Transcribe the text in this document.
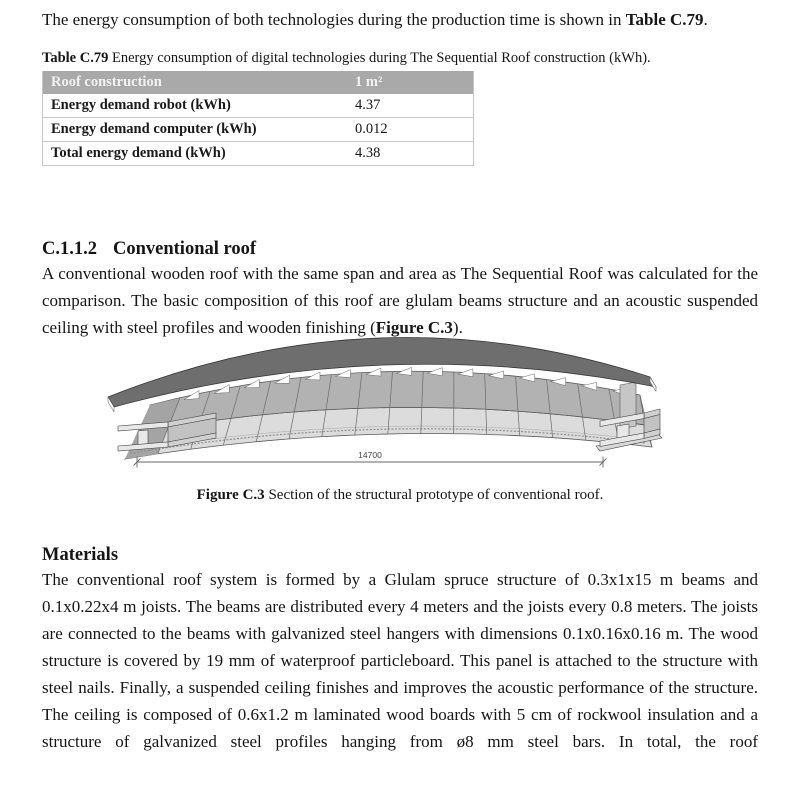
The energy consumption of both technologies during the production time is shown in Table C.79.

Table C.79 Energy consumption of digital technologies during The Sequential Roof construction (kWh).
Roof construction	1 m²
Energy demand robot (kWh)	4.37
Energy demand computer (kWh)	0.012
Total energy demand (kWh)	4.38
C.1.1.2 Conventional roof

A conventional wooden roof with the same span and area as The Sequential Roof was calculated for the comparison. The basic composition of this roof are glulam beams structure and an acoustic suspended ceiling with steel profiles and wooden finishing (Figure C.3).

14700
Figure C.3 Section of the structural prototype of conventional roof.
Materials

The conventional roof system is formed by a Glulam spruce structure of 0.3x1x15 m beams and 0.1x0.22x4 m joists. The beams are distributed every 4 meters and the joists every 0.8 meters. The joists are connected to the beams with galvanized steel hangers with dimensions 0.1x0.16x0.16 m. The wood structure is covered by 19 mm of waterproof particleboard. This panel is attached to the structure with steel nails. Finally, a suspended ceiling finishes and improves the acoustic performance of the structure. The ceiling is composed of 0.6x1.2 m laminated wood boards with 5 cm of rockwool insulation and a structure of galvanized steel profiles hanging from ø8 mm steel bars. In total, the roof
